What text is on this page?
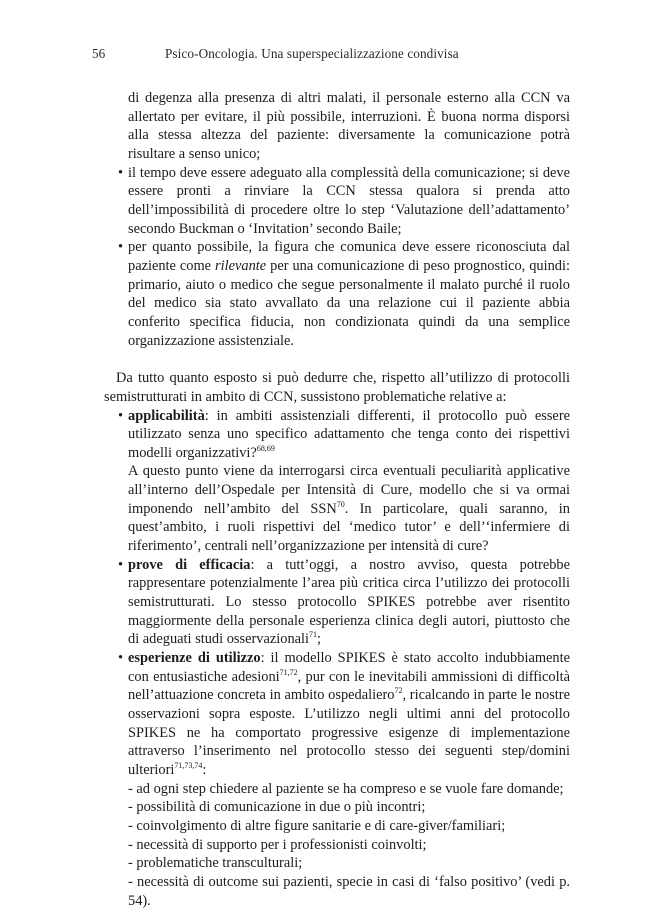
56	Psico-Oncologia. Una superspecializzazione condivisa

di degenza alla presenza di altri malati, il personale esterno alla CCN va allertato per evitare, il più possibile, interruzioni. È buona norma disporsi alla stessa altezza del paziente: diversamente la comunicazione potrà risultare a senso unico;

• il tempo deve essere adeguato alla complessità della comunicazione; si deve essere pronti a rinviare la CCN stessa qualora si prenda atto dell’impossibilità di procedere oltre lo step ‘Valutazione dell’adattamento’ secondo Buckman o ‘Invitation’ secondo Baile;

• per quanto possibile, la figura che comunica deve essere riconosciuta dal paziente come rilevante per una comunicazione di peso prognostico, quindi: primario, aiuto o medico che segue personalmente il malato purché il ruolo del medico sia stato avvallato da una relazione cui il paziente abbia conferito specifica fiducia, non condizionata quindi da una semplice organizzazione assistenziale.

Da tutto quanto esposto si può dedurre che, rispetto all’utilizzo di protocolli semistrutturati in ambito di CCN, sussistono problematiche relative a:

• applicabilità: in ambiti assistenziali differenti, il protocollo può essere utilizzato senza uno specifico adattamento che tenga conto dei rispettivi modelli organizzativi?$^{68,69}$

A questo punto viene da interrogarsi circa eventuali peculiarità applicative all’interno dell’Ospedale per Intensità di Cure, modello che si va ormai imponendo nell’ambito del SSN$^{70}$. In particolare, quali saranno, in quest’ambito, i ruoli rispettivi del ‘medico tutor’ e dell’‘infermiere di riferimento’, centrali nell’organizzazione per intensità di cure?

• prove di efficacia: a tutt’oggi, a nostro avviso, questa potrebbe rappresentare potenzialmente l’area più critica circa l’utilizzo dei protocolli semistrutturati. Lo stesso protocollo SPIKES potrebbe aver risentito maggiormente della personale esperienza clinica degli autori, piuttosto che di adeguati studi osservazionali$^{71}$;

• esperienze di utilizzo: il modello SPIKES è stato accolto indubbiamente con entusiastiche adesioni$^{71,72}$, pur con le inevitabili ammissioni di difficoltà nell’attuazione concreta in ambito ospedaliero$^{72}$, ricalcando in parte le nostre osservazioni sopra esposte. L’utilizzo negli ultimi anni del protocollo SPIKES ne ha comportato progressive esigenze di implementazione attraverso l’inserimento nel protocollo stesso dei seguenti step/domini ulteriori$^{71,73,74}$:

- ad ogni step chiedere al paziente se ha compreso e se vuole fare domande;

- possibilità di comunicazione in due o più incontri;

- coinvolgimento di altre figure sanitarie e di care-giver/familiari;

- necessità di supporto per i professionisti coinvolti;

- problematiche transculturali;

- necessità di outcome sui pazienti, specie in casi di ‘falso positivo’ (vedi p. 54).
